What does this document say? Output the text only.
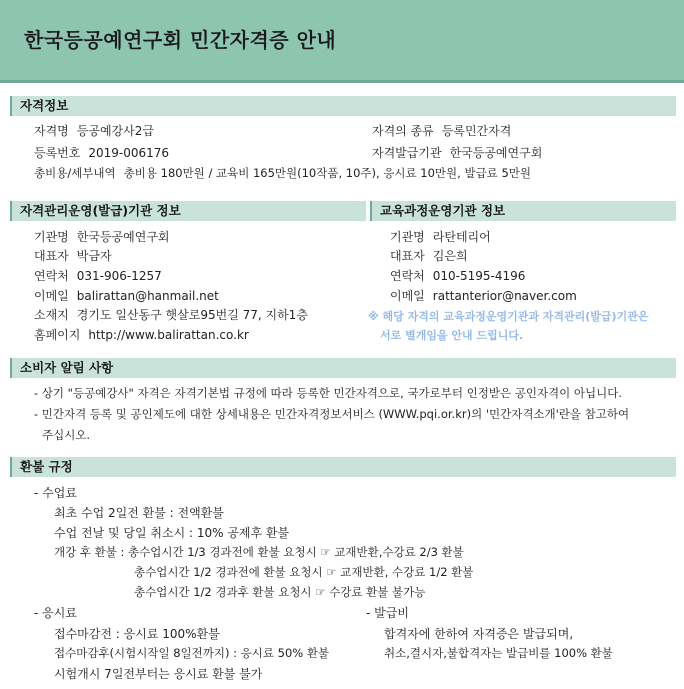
한국등공예연구회 민간자격증 안내
자격정보
자격명 등공예강사2급	자격의 종류 등록민간자격
등록번호 2019-006176	자격발급기관 한국등공예연구회
총비용/세부내역 총비용 180만원 / 교육비 165만원(10작품, 10주), 응시료 10만원, 발급료 5만원
자격관리운영(발급)기관 정보
기관명 한국등공예연구회
대표자 박금자
연락처 031-906-1257
이메일 balirattan@hanmail.net
소재지 경기도 일산동구 햇살로95번길 77, 지하1층
홈페이지 http://www.balirattan.co.kr
교육과정운영기관 정보
기관명 라탄테리어
대표자 김은희
연락처 010-5195-4196
이메일 rattanterior@naver.com
※ 해당 자격의 교육과정운영기관과 자격관리(발급)기관은
서로 별개임을 안내 드립니다.
소비자 알림 사항
- 상기 "등공예강사" 자격은 자격기본법 규정에 따라 등록한 민간자격으로, 국가로부터 인정받은 공인자격이 아닙니다.
- 민간자격 등록 및 공인제도에 대한 상세내용은 민간자격정보서비스 (WWW.pqi.or.kr)의 '민간자격소개'란을 참고하여
주십시오.
환불 규정
- 수업료
최초 수업 2일전 환불 : 전액환불
수업 전날 및 당일 취소시 : 10% 공제후 환불
개강 후 환불 : 총수업시간 1/3 경과전에 환불 요청시 ☞ 교재반환,수강료 2/3 환불
총수업시간 1/2 경과전에 환불 요청시 ☞ 교재반환, 수강료 1/2 환불
총수업시간 1/2 경과후 환불 요청시 ☞ 수강료 환불 불가능
- 응시료
접수마감전 : 응시료 100%환불
접수마감후(시험시작일 8일전까지) : 응시료 50% 환불
시험개시 7일전부터는 응시료 환불 불가
- 발급비
합격자에 한하여 자격증은 발급되며,
취소,결시자,불합격자는 발급비를 100% 환불
